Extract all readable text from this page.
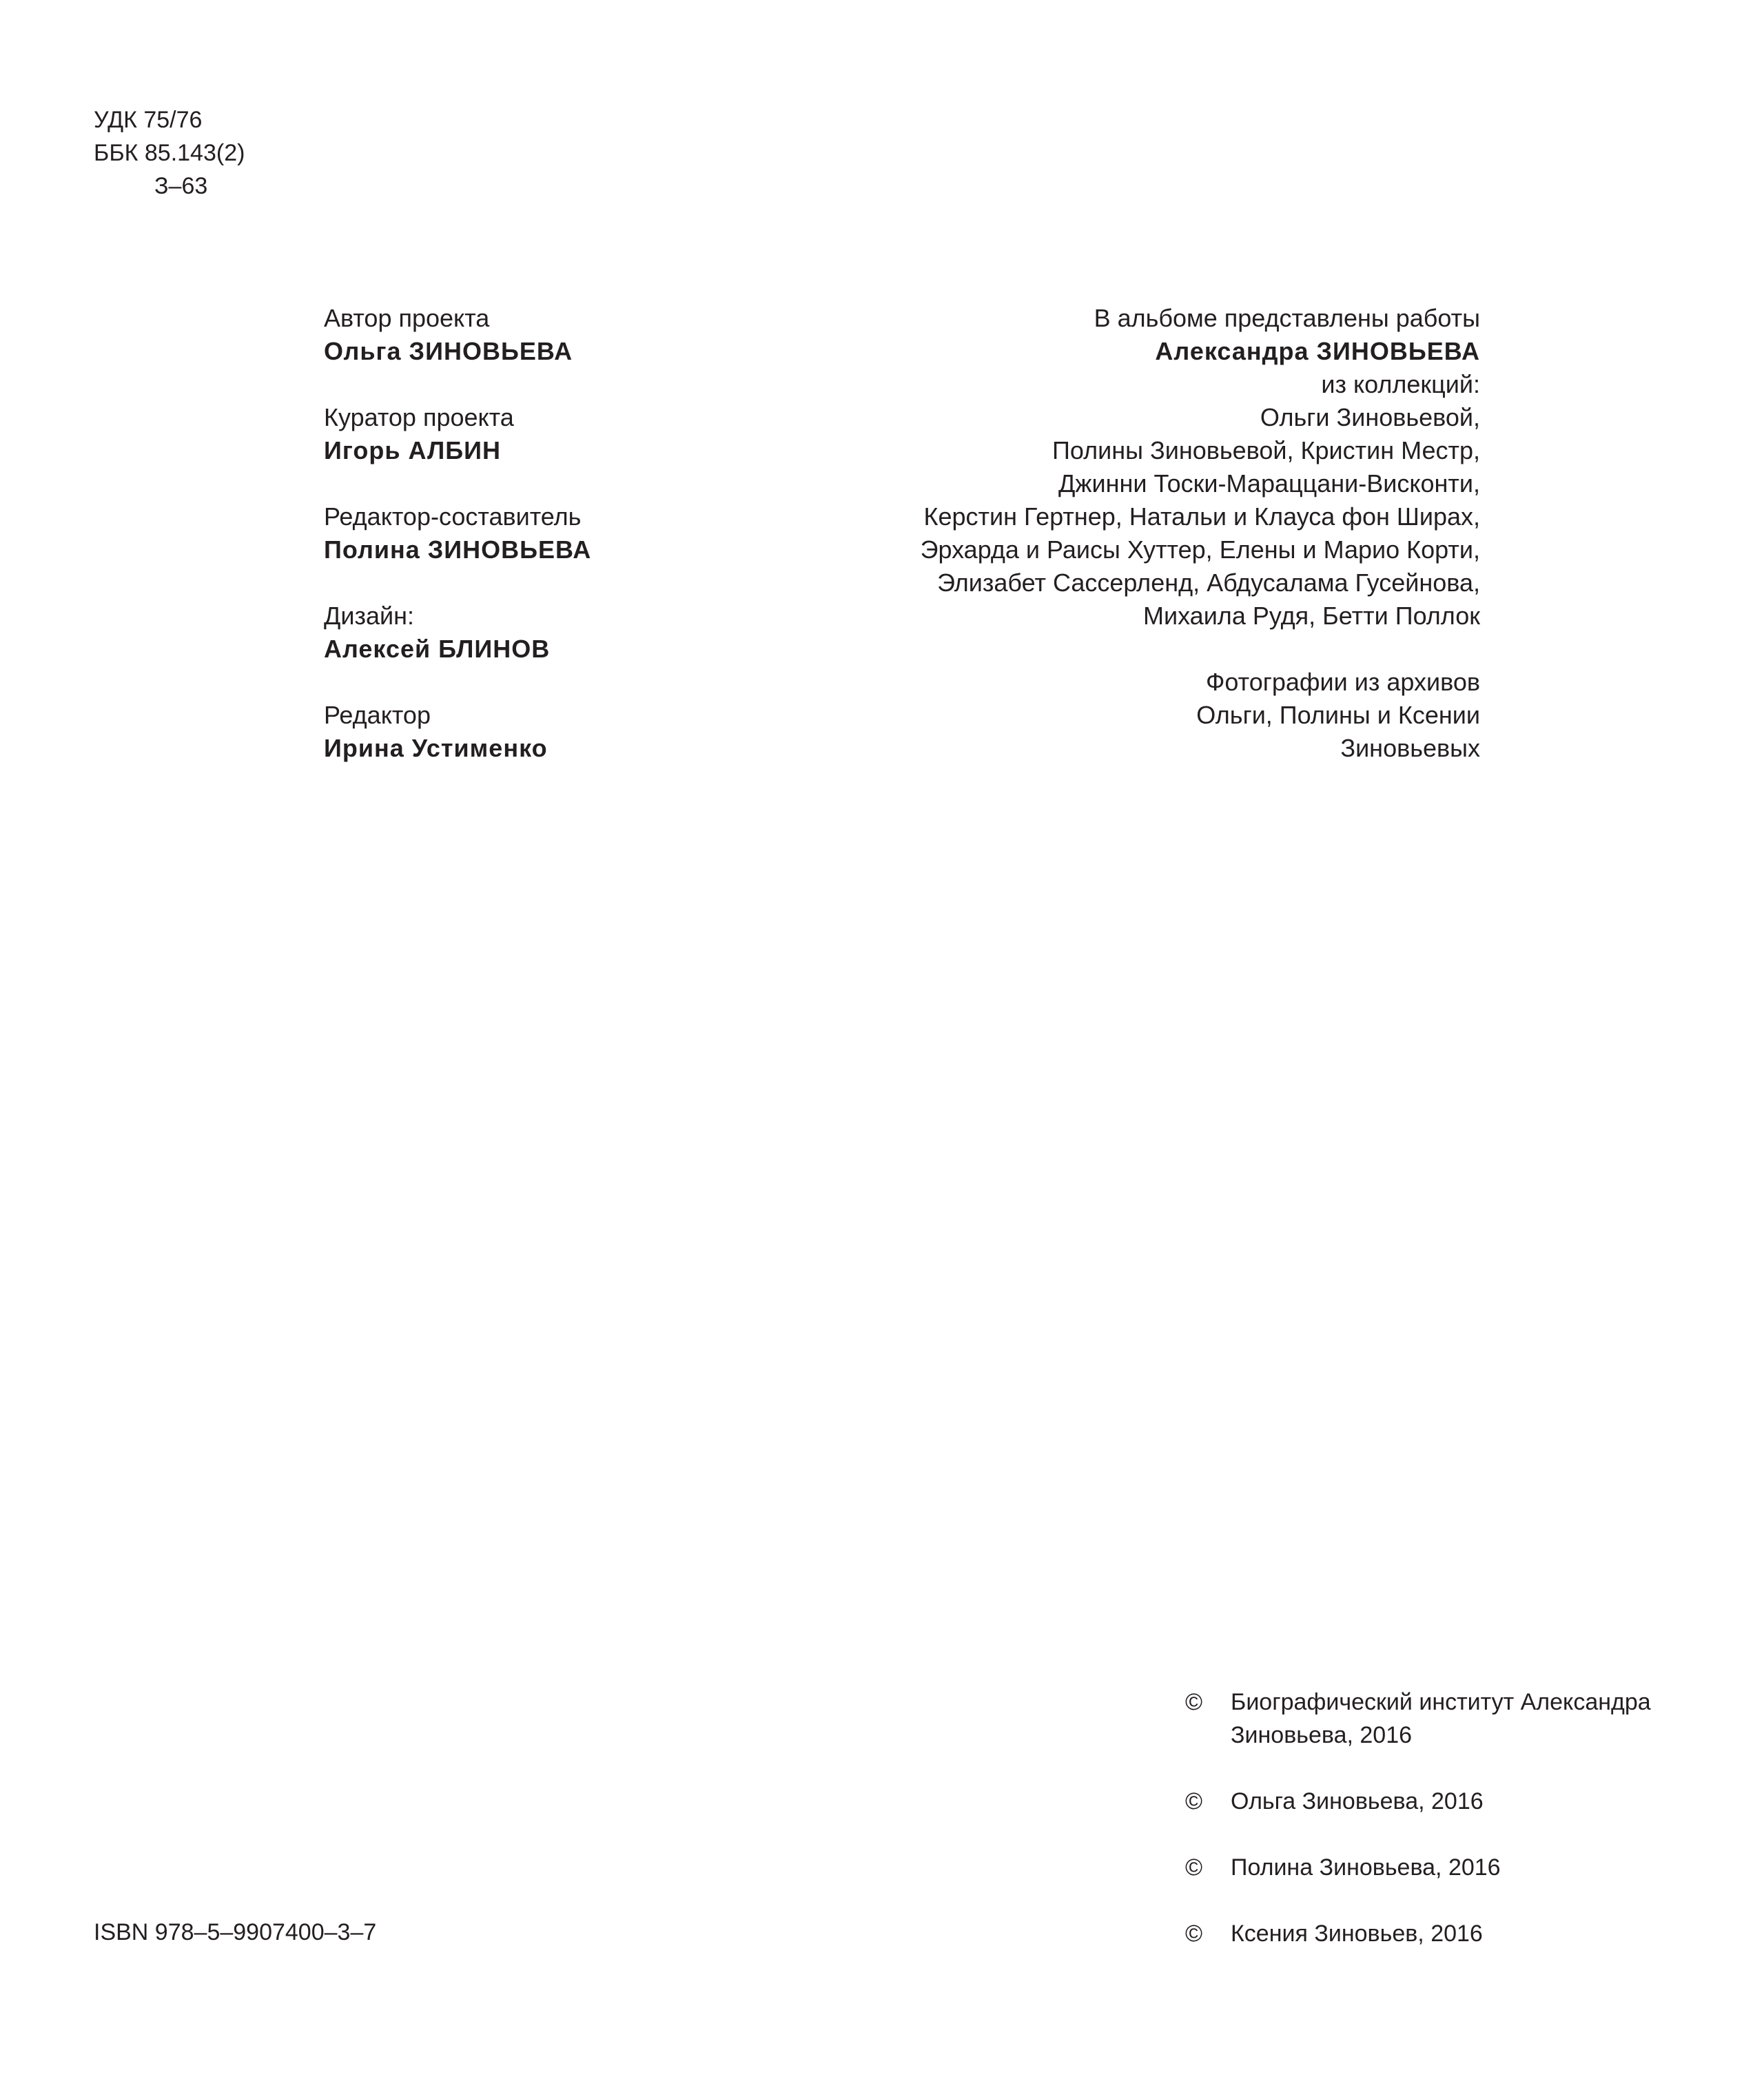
УДК 75/76
ББК 85.143(2)
З–63
Автор проекта
Ольга ЗИНОВЬЕВА
Куратор проекта
Игорь АЛБИН
Редактор-составитель
Полина ЗИНОВЬЕВА
Дизайн:
Алексей БЛИНОВ
Редактор
Ирина Устименко
В альбоме представлены работы
Александра ЗИНОВЬЕВА
из коллекций:
Ольги Зиновьевой,
Полины Зиновьевой, Кристин Местр,
Джинни Тоски-Мараццани-Висконти,
Керстин Гертнер, Натальи и Клауса фон Ширах,
Эрхарда и Раисы Хуттер, Елены и Марио Корти,
Элизабет Сассерленд, Абдусалама Гусейнова,
Михаила Рудя, Бетти Поллок
Фотографии из архивов
Ольги, Полины и Ксении
Зиновьевых
ISBN 978–5–9907400–3–7
©	Биографический институт Александра
Зиновьева, 2016
©	Ольга Зиновьева, 2016
©	Полина Зиновьева, 2016
©	Ксения Зиновьев, 2016
